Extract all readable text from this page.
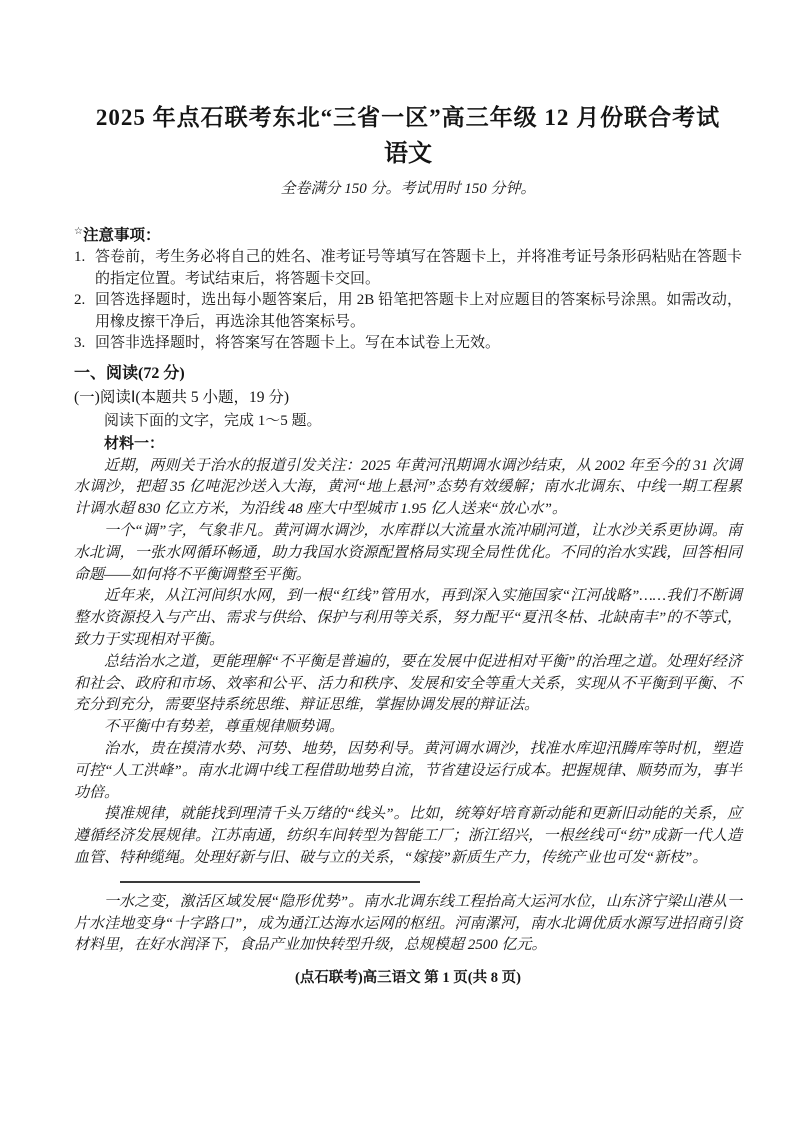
2025 年点石联考东北“三省一区”高三年级 12 月份联合考试
语文
全卷满分 150 分。考试用时 150 分钟。
☆注意事项：
1. 答卷前，考生务必将自己的姓名、准考证号等填写在答题卡上，并将准考证号条形码粘贴在答题卡的指定位置。考试结束后，将答题卡交回。
2. 回答选择题时，选出每小题答案后，用 2B 铅笔把答题卡上对应题目的答案标号涂黑。如需改动，用橡皮擦干净后，再选涂其他答案标号。
3. 回答非选择题时，将答案写在答题卡上。写在本试卷上无效。
一、阅读(72 分)
(一)阅读Ⅰ(本题共 5 小题，19 分)
阅读下面的文字，完成 1～5 题。
材料一：

近期，两则关于治水的报道引发关注：2025 年黄河汛期调水调沙结束，从 2002 年至今的 31 次调水调沙，把超 35 亿吨泥沙送入大海，黄河“地上悬河”态势有效缓解；南水北调东、中线一期工程累计调水超 830 亿立方米，为沿线 48 座大中型城市 1.95 亿人送来“放心水”。

一个“调”字，气象非凡。黄河调水调沙，水库群以大流量水流冲刷河道，让水沙关系更协调。南水北调，一张水网循环畅通，助力我国水资源配置格局实现全局性优化。不同的治水实践，回答相同命题——如何将不平衡调整至平衡。

近年来，从江河间织水网，到一根“红线”管用水，再到深入实施国家“江河战略”……我们不断调整水资源投入与产出、需求与供给、保护与利用等关系，努力配平“夏汛冬枯、北缺南丰”的不等式，致力于实现相对平衡。

总结治水之道，更能理解“不平衡是普遍的，要在发展中促进相对平衡”的治理之道。处理好经济和社会、政府和市场、效率和公平、活力和秩序、发展和安全等重大关系，实现从不平衡到平衡、不充分到充分，需要坚持系统思维、辩证思维，掌握协调发展的辩证法。

不平衡中有势差，尊重规律顺势调。

治水，贵在摸清水势、河势、地势，因势利导。黄河调水调沙，找准水库迎汛腾库等时机，塑造可控“人工洪峰”。南水北调中线工程借助地势自流，节省建设运行成本。把握规律、顺势而为，事半功倍。

摸准规律，就能找到理清千头万绪的“线头”。比如，统筹好培育新动能和更新旧动能的关系，应遵循经济发展规律。江苏南通，纺织车间转型为智能工厂；浙江绍兴，一根丝线可“纺”成新一代人造血管、特种缆绳。处理好新与旧、破与立的关系，“嫁接”新质生产力，传统产业也可发“新枝”。

一水之变，激活区域发展“隐形优势”。南水北调东线工程抬高大运河水位，山东济宁梁山港从一片水洼地变身“十字路口”，成为通江达海水运网的枢纽。河南漯河，南水北调优质水源写进招商引资材料里，在好水润泽下，食品产业加快转型升级，总规模超 2500 亿元。

(点石联考)高三语文 第 1 页(共 8 页)
